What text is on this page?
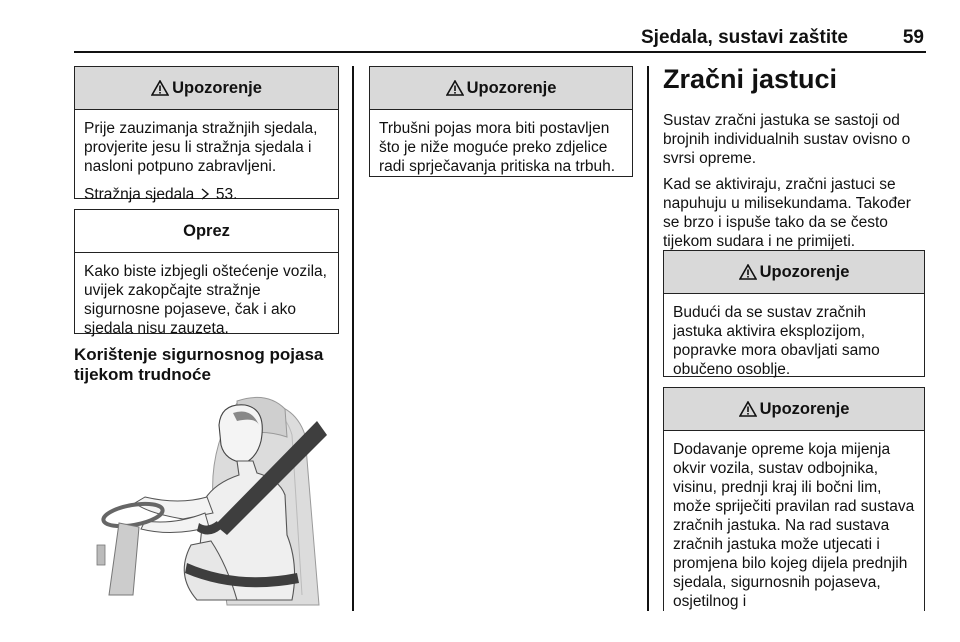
Sjedala, sustavi zaštite	59
Upozorenje

Prije zauzimanja stražnjih sjedala, provjerite jesu li stražnja sjedala i nasloni potpuno zabravljeni.

Stražnja sjedala 53.

Oprez

Kako biste izbjegli oštećenje vozila, uvijek zakopčajte stražnje sigurnosne pojaseve, čak i ako sjedala nisu zauzeta.

Korištenje sigurnosnog pojasa tijekom trudnoće
Upozorenje

Trbušni pojas mora biti postavljen što je niže moguće preko zdjelice radi sprječavanja pritiska na trbuh.

Zračni jastuci

Sustav zračni jastuka se sastoji od brojnih individualnih sustav ovisno o svrsi opreme.

Kad se aktiviraju, zračni jastuci se napuhuju u milisekundama. Također se brzo i ispuše tako da se često tijekom sudara i ne primijeti.

Upozorenje

Budući da se sustav zračnih jastuka aktivira eksplozijom, popravke mora obavljati samo obučeno osoblje.

Upozorenje

Dodavanje opreme koja mijenja okvir vozila, sustav odbojnika, visinu, prednji kraj ili bočni lim, može spriječiti pravilan rad sustava zračnih jastuka. Na rad sustava zračnih jastuka može utjecati i promjena bilo kojeg dijela prednjih sjedala, sigurnosnih pojaseva, osjetilnog i
